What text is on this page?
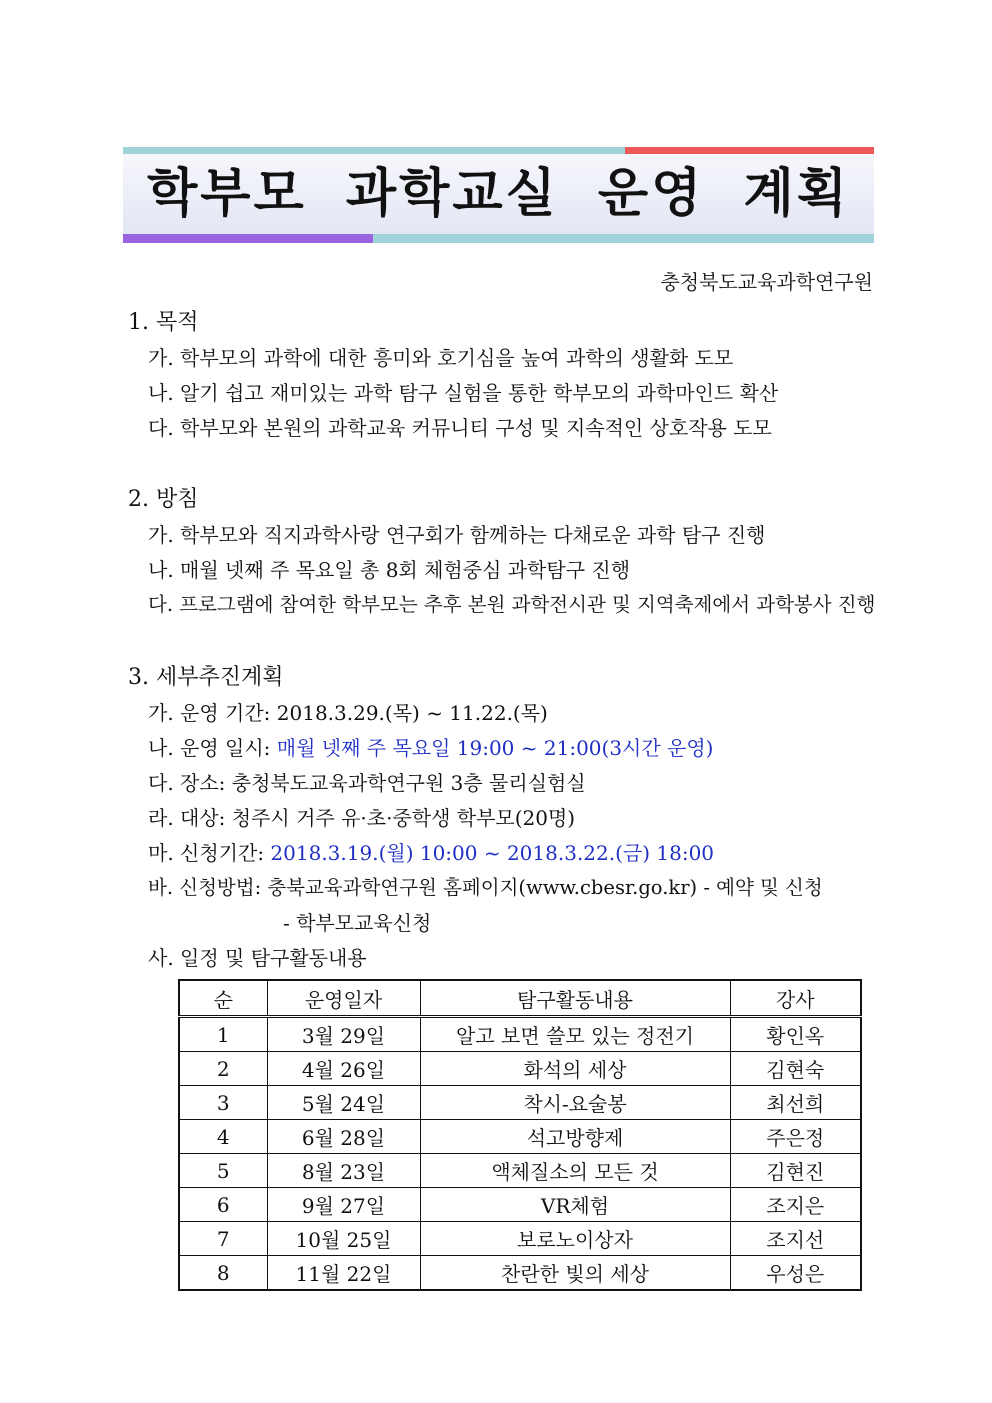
학부모 과학교실 운영 계획
충청북도교육과학연구원
1. 목적
가. 학부모의 과학에 대한 흥미와 호기심을 높여 과학의 생활화 도모
나. 알기 쉽고 재미있는 과학 탐구 실험을 통한 학부모의 과학마인드 확산
다. 학부모와 본원의 과학교육 커뮤니티 구성 및 지속적인 상호작용 도모
2. 방침
가. 학부모와 직지과학사랑 연구회가 함께하는 다채로운 과학 탐구 진행
나. 매월 넷째 주 목요일 총 8회 체험중심 과학탐구 진행
다. 프로그램에 참여한 학부모는 추후 본원 과학전시관 및 지역축제에서 과학봉사 진행
3. 세부추진계획
가. 운영 기간: 2018.3.29.(목) ~ 11.22.(목)
나. 운영 일시: 매월 넷째 주 목요일 19:00 ~ 21:00(3시간 운영)
다. 장소: 충청북도교육과학연구원 3층 물리실험실
라. 대상: 청주시 거주 유·초·중학생 학부모(20명)
마. 신청기간: 2018.3.19.(월) 10:00 ~ 2018.3.22.(금) 18:00
바. 신청방법: 충북교육과학연구원 홈페이지(www.cbesr.go.kr) - 예약 및 신청
- 학부모교육신청
사. 일정 및 탐구활동내용
순	운영일자	탐구활동내용	강사
1	3월 29일	알고 보면 쓸모 있는 정전기	황인옥
2	4월 26일	화석의 세상	김현숙
3	5월 24일	착시-요술봉	최선희
4	6월 28일	석고방향제	주은정
5	8월 23일	액체질소의 모든 것	김현진
6	9월 27일	VR체험	조지은
7	10월 25일	보로노이상자	조지선
8	11월 22일	찬란한 빛의 세상	우성은
